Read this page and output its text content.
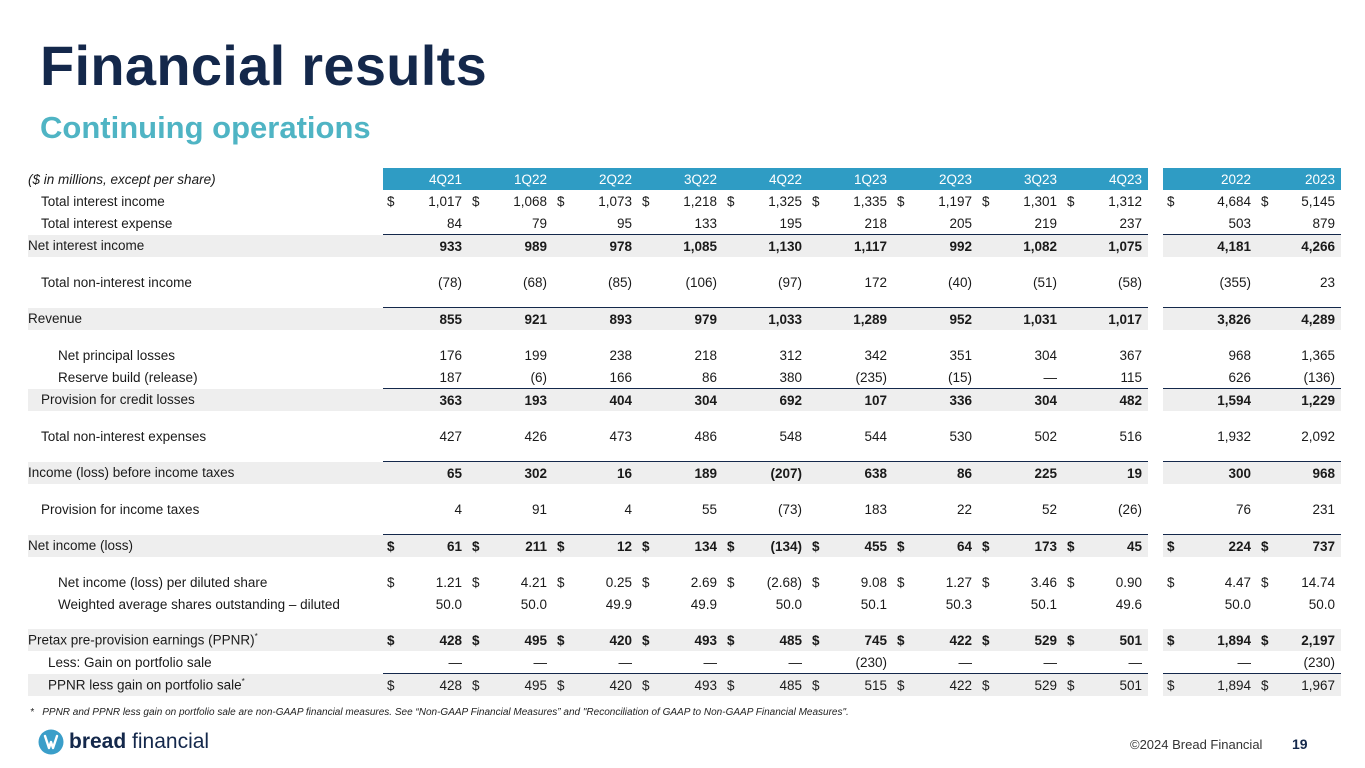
Financial results
Continuing operations
($ in millions, except per share)	4Q21	1Q22	2Q22	3Q22	4Q22	1Q23	2Q23	3Q23	4Q23		2022	2023
Total interest income	$ 1,017	$ 1,068	$ 1,073	$ 1,218	$ 1,325	$ 1,335	$ 1,197	$ 1,301	$ 1,312		$ 4,684	$ 5,145
Total interest expense	84	79	95	133	195	218	205	219	237		503	879
Net interest income	933	989	978	1,085	1,130	1,117	992	1,082	1,075		4,181	4,266

Total non-interest income	(78)	(68)	(85)	(106)	(97)	172	(40)	(51)	(58)		(355)	23

Revenue	855	921	893	979	1,033	1,289	952	1,031	1,017		3,826	4,289

Net principal losses	176	199	238	218	312	342	351	304	367		968	1,365
Reserve build (release)	187	(6)	166	86	380	(235)	(15)	—	115		626	(136)
Provision for credit losses	363	193	404	304	692	107	336	304	482		1,594	1,229

Total non-interest expenses	427	426	473	486	548	544	530	502	516		1,932	2,092

Income (loss) before income taxes	65	302	16	189	(207)	638	86	225	19		300	968

Provision for income taxes	4	91	4	55	(73)	183	22	52	(26)		76	231

Net income (loss)	$ 61	$ 211	$ 12	$ 134	$ (134)	$ 455	$ 64	$ 173	$ 45		$ 224	$ 737

Net income (loss) per diluted share	$ 1.21	$ 4.21	$ 0.25	$ 2.69	$ (2.68)	$ 9.08	$ 1.27	$ 3.46	$ 0.90		$ 4.47	$ 14.74
Weighted average shares outstanding – diluted	50.0	50.0	49.9	49.9	50.0	50.1	50.3	50.1	49.6		50.0	50.0

Pretax pre-provision earnings (PPNR)*	$ 428	$ 495	$ 420	$ 493	$ 485	$ 745	$ 422	$ 529	$ 501		$ 1,894	$ 2,197
Less: Gain on portfolio sale	—	—	—	—	—	(230)	—	—	—		—	(230)
PPNR less gain on portfolio sale*	$ 428	$ 495	$ 420	$ 493	$ 485	$ 515	$ 422	$ 529	$ 501		$ 1,894	$ 1,967

* PPNR and PPNR less gain on portfolio sale are non-GAAP financial measures. See “Non-GAAP Financial Measures” and "Reconciliation of GAAP to Non-GAAP Financial Measures".

bread financial	©2024 Bread Financial 19
